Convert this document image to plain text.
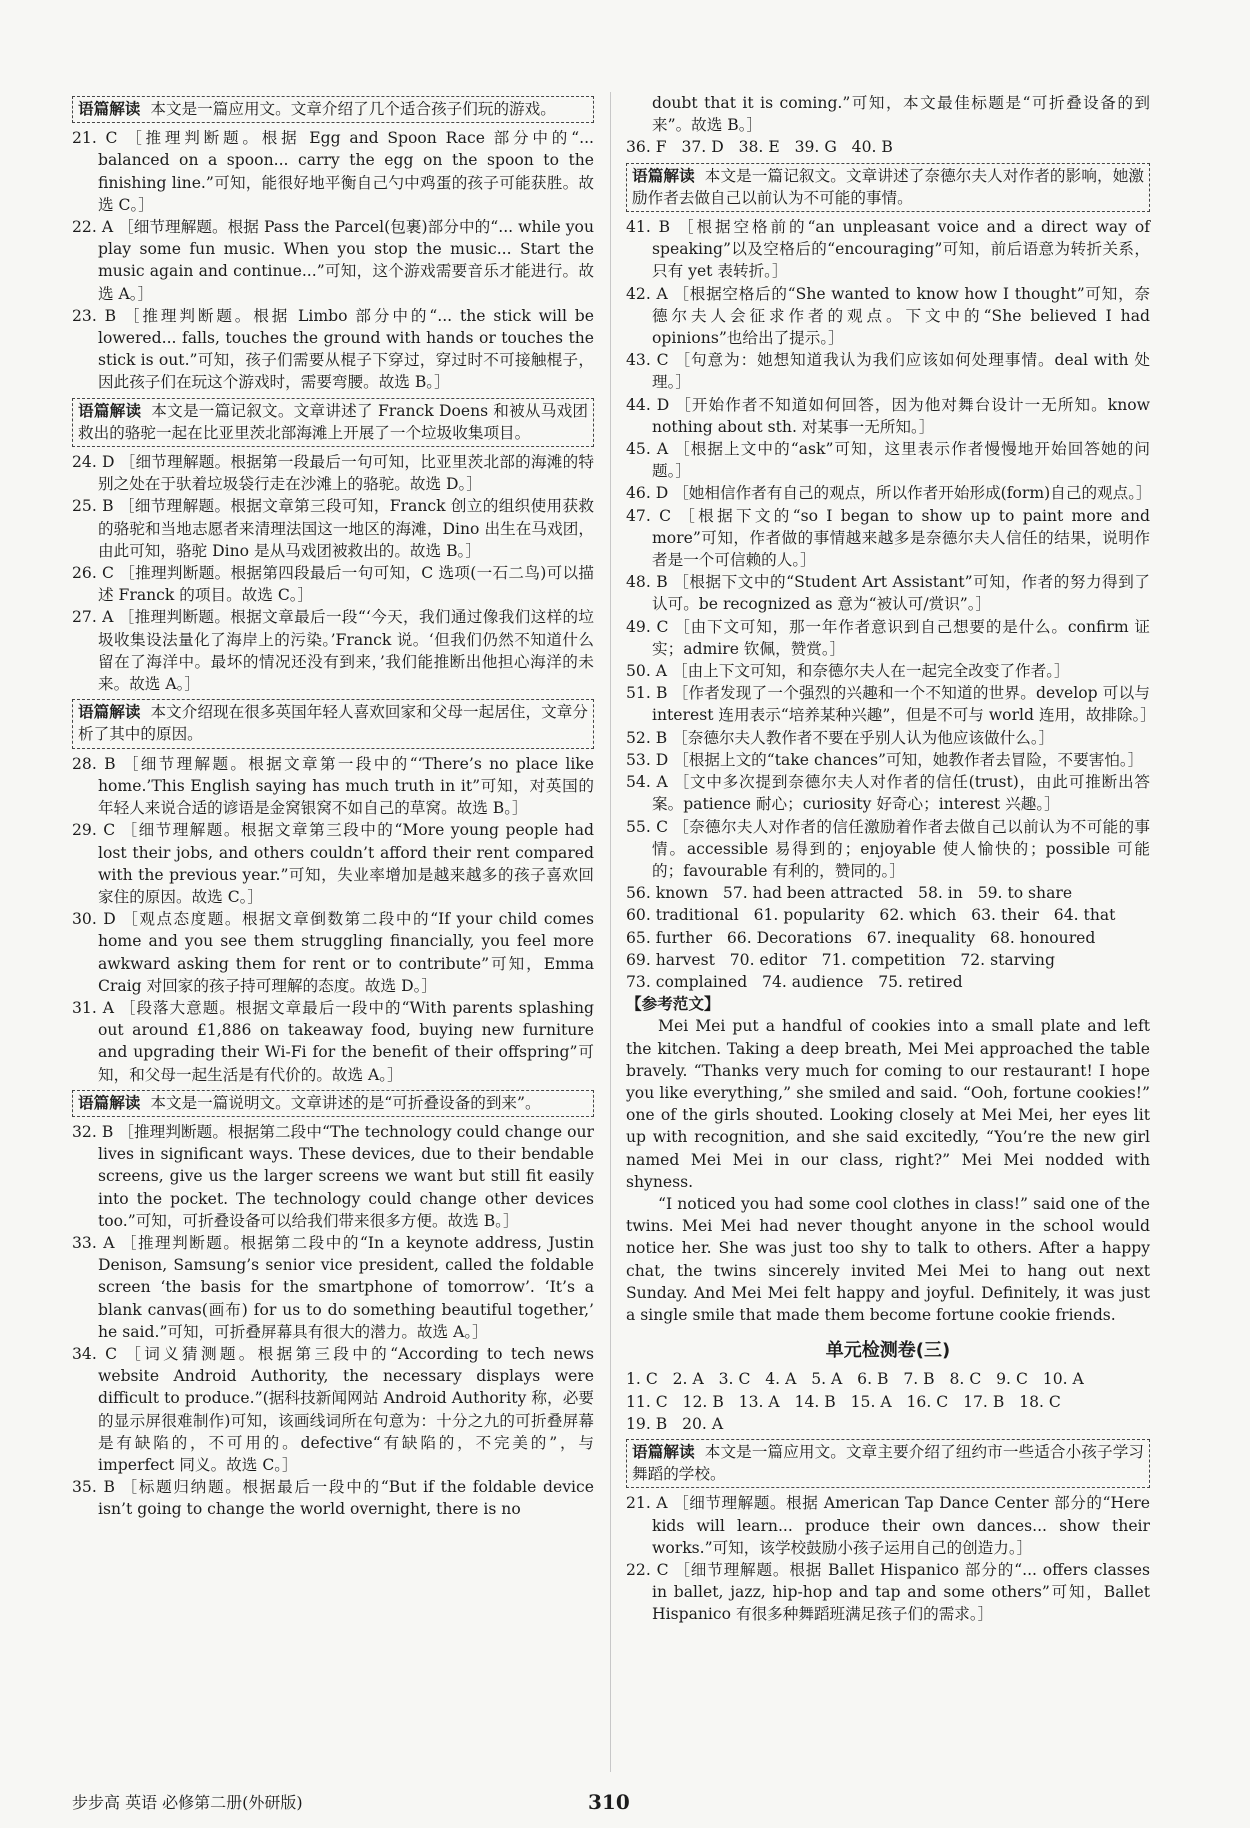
语篇解读 本文是一篇应用文。文章介绍了几个适合孩子们玩的游戏。

21. C ［推理判断题。根据 Egg and Spoon Race 部分中的“... balanced on a spoon... carry the egg on the spoon to the finishing line.”可知，能很好地平衡自己勺中鸡蛋的孩子可能获胜。故选 C。］

22. A ［细节理解题。根据 Pass the Parcel(包裹)部分中的“... while you play some fun music. When you stop the music... Start the music again and continue...”可知，这个游戏需要音乐才能进行。故选 A。］

23. B ［推理判断题。根据 Limbo 部分中的“... the stick will be lowered... falls, touches the ground with hands or touches the stick is out.”可知，孩子们需要从棍子下穿过，穿过时不可接触棍子，因此孩子们在玩这个游戏时，需要弯腰。故选 B。］

语篇解读 本文是一篇记叙文。文章讲述了 Franck Doens 和被从马戏团救出的骆驼一起在比亚里茨北部海滩上开展了一个垃圾收集项目。

24. D ［细节理解题。根据第一段最后一句可知，比亚里茨北部的海滩的特别之处在于驮着垃圾袋行走在沙滩上的骆驼。故选 D。］

25. B ［细节理解题。根据文章第三段可知，Franck 创立的组织使用获救的骆驼和当地志愿者来清理法国这一地区的海滩，Dino 出生在马戏团，由此可知，骆驼 Dino 是从马戏团被救出的。故选 B。］

26. C ［推理判断题。根据第四段最后一句可知，C 选项(一石二鸟)可以描述 Franck 的项目。故选 C。］

27. A ［推理判断题。根据文章最后一段“‘今天，我们通过像我们这样的垃圾收集设法量化了海岸上的污染。’Franck 说。‘但我们仍然不知道什么留在了海洋中。最坏的情况还没有到来，’我们能推断出他担心海洋的未来。故选 A。］

语篇解读 本文介绍现在很多英国年轻人喜欢回家和父母一起居住，文章分析了其中的原因。

28. B ［细节理解题。根据文章第一段中的“‘There’s no place like home.’This English saying has much truth in it”可知，对英国的年轻人来说合适的谚语是金窝银窝不如自己的草窝。故选 B。］

29. C ［细节理解题。根据文章第三段中的“More young people had lost their jobs, and others couldn’t afford their rent compared with the previous year.”可知，失业率增加是越来越多的孩子喜欢回家住的原因。故选 C。］

30. D ［观点态度题。根据文章倒数第二段中的“If your child comes home and you see them struggling financially, you feel more awkward asking them for rent or to contribute”可知，Emma Craig 对回家的孩子持可理解的态度。故选 D。］

31. A ［段落大意题。根据文章最后一段中的“With parents splashing out around £1,886 on takeaway food, buying new furniture and upgrading their Wi-Fi for the benefit of their offspring”可知，和父母一起生活是有代价的。故选 A。］

语篇解读 本文是一篇说明文。文章讲述的是“可折叠设备的到来”。

32. B ［推理判断题。根据第二段中“The technology could change our lives in significant ways. These devices, due to their bendable screens, give us the larger screens we want but still fit easily into the pocket. The technology could change other devices too.”可知，可折叠设备可以给我们带来很多方便。故选 B。］

33. A ［推理判断题。根据第二段中的“In a keynote address, Justin Denison, Samsung’s senior vice president, called the foldable screen ‘the basis for the smartphone of tomorrow’. ‘It’s a blank canvas(画布) for us to do something beautiful together,’ he said.”可知，可折叠屏幕具有很大的潜力。故选 A。］

34. C ［词义猜测题。根据第三段中的“According to tech news website Android Authority, the necessary displays were difficult to produce.”(据科技新闻网站 Android Authority 称，必要的显示屏很难制作)可知，该画线词所在句意为：十分之九的可折叠屏幕是有缺陷的，不可用的。defective“有缺陷的，不完美的”，与 imperfect 同义。故选 C。］

35. B ［标题归纳题。根据最后一段中的“But if the foldable device isn’t going to change the world overnight, there is no

doubt that it is coming.”可知，本文最佳标题是“可折叠设备的到来”。故选 B。］

36. F   37. D   38. E   39. G   40. B

语篇解读 本文是一篇记叙文。文章讲述了奈德尔夫人对作者的影响，她激励作者去做自己以前认为不可能的事情。

41. B ［根据空格前的“an unpleasant voice and a direct way of speaking”以及空格后的“encouraging”可知，前后语意为转折关系，只有 yet 表转折。］

42. A ［根据空格后的“She wanted to know how I thought”可知，奈德尔夫人会征求作者的观点。下文中的“She believed I had opinions”也给出了提示。］

43. C ［句意为：她想知道我认为我们应该如何处理事情。deal with 处理。］

44. D ［开始作者不知道如何回答，因为他对舞台设计一无所知。know nothing about sth. 对某事一无所知。］

45. A ［根据上文中的“ask”可知，这里表示作者慢慢地开始回答她的问题。］

46. D ［她相信作者有自己的观点，所以作者开始形成(form)自己的观点。］

47. C ［根据下文的“so I began to show up to paint more and more”可知，作者做的事情越来越多是奈德尔夫人信任的结果，说明作者是一个可信赖的人。］

48. B ［根据下文中的“Student Art Assistant”可知，作者的努力得到了认可。be recognized as 意为“被认可/赏识”。］

49. C ［由下文可知，那一年作者意识到自己想要的是什么。confirm 证实；admire 钦佩，赞赏。］

50. A ［由上下文可知，和奈德尔夫人在一起完全改变了作者。］

51. B ［作者发现了一个强烈的兴趣和一个不知道的世界。develop 可以与 interest 连用表示“培养某种兴趣”，但是不可与 world 连用，故排除。］

52. B ［奈德尔夫人教作者不要在乎别人认为他应该做什么。］

53. D ［根据上文的“take chances”可知，她教作者去冒险，不要害怕。］

54. A ［文中多次提到奈德尔夫人对作者的信任(trust)，由此可推断出答案。patience 耐心；curiosity 好奇心；interest 兴趣。］

55. C ［奈德尔夫人对作者的信任激励着作者去做自己以前认为不可能的事情。accessible 易得到的；enjoyable 使人愉快的；possible 可能的；favourable 有利的，赞同的。］

56. known   57. had been attracted   58. in   59. to share

60. traditional   61. popularity   62. which   63. their   64. that

65. further   66. Decorations   67. inequality   68. honoured

69. harvest   70. editor   71. competition   72. starving

73. complained   74. audience   75. retired

【参考范文】

Mei Mei put a handful of cookies into a small plate and left the kitchen. Taking a deep breath, Mei Mei approached the table bravely. “Thanks very much for coming to our restaurant! I hope you like everything,” she smiled and said. “Ooh, fortune cookies!” one of the girls shouted. Looking closely at Mei Mei, her eyes lit up with recognition, and she said excitedly, “You’re the new girl named Mei Mei in our class, right?” Mei Mei nodded with shyness.

“I noticed you had some cool clothes in class!” said one of the twins. Mei Mei had never thought anyone in the school would notice her. She was just too shy to talk to others. After a happy chat, the twins sincerely invited Mei Mei to hang out next Sunday. And Mei Mei felt happy and joyful. Definitely, it was just a single smile that made them become fortune cookie friends.

单元检测卷(三)

1. C   2. A   3. C   4. A   5. A   6. B   7. B   8. C   9. C   10. A

11. C   12. B   13. A   14. B   15. A   16. C   17. B   18. C

19. B   20. A

语篇解读 本文是一篇应用文。文章主要介绍了纽约市一些适合小孩子学习舞蹈的学校。

21. A ［细节理解题。根据 American Tap Dance Center 部分的“Here kids will learn... produce their own dances... show their works.”可知，该学校鼓励小孩子运用自己的创造力。］

22. C ［细节理解题。根据 Ballet Hispanico 部分的“... offers classes in ballet, jazz, hip-hop and tap and some others”可知，Ballet Hispanico 有很多种舞蹈班满足孩子们的需求。］

步步高 英语 必修第二册(外研版)	310
